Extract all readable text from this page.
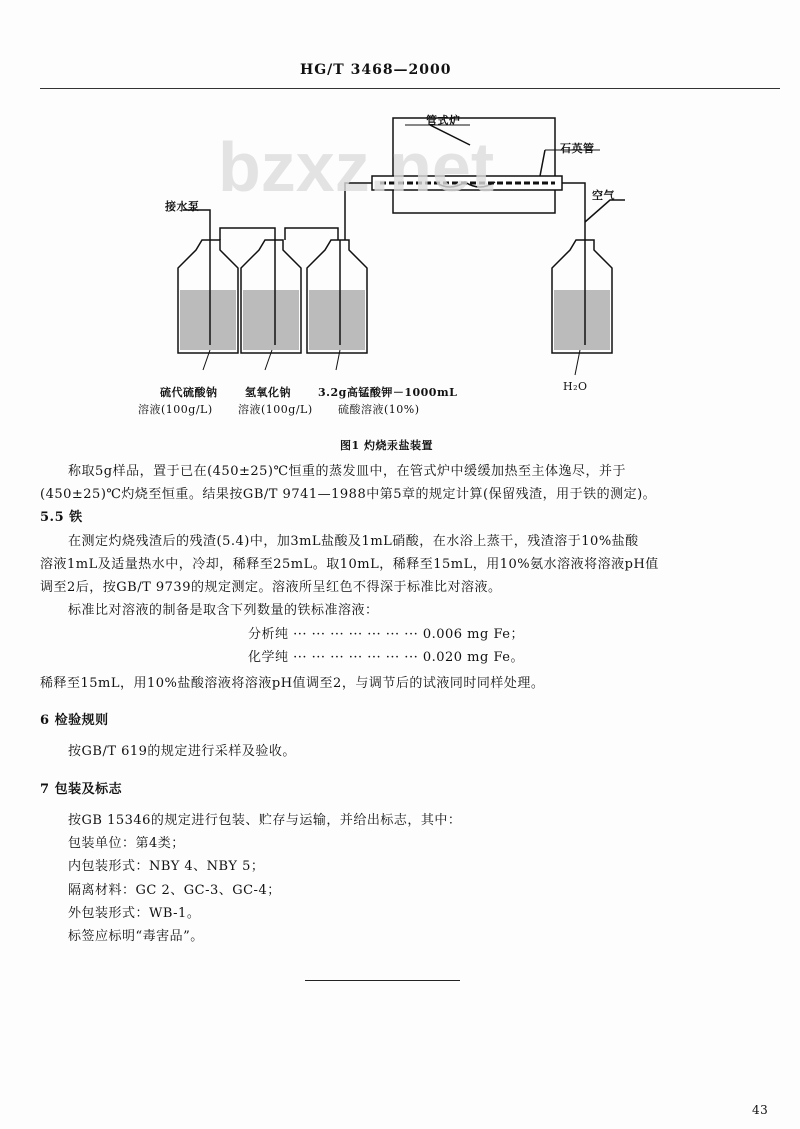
HG/T 3468—2000
bzxz.net
管式炉
石英管
空气
接水泵
H₂O
硫代硫酸钠
溶液(100g/L)
氢氧化钠
溶液(100g/L)
3.2g高锰酸钾－1000mL
硫酸溶液(10%)
图1 灼烧汞盐装置
称取5g样品，置于已在(450±25)℃恒重的蒸发皿中，在管式炉中缓缓加热至主体逸尽，并于
(450±25)℃灼烧至恒重。结果按GB/T 9741—1988中第5章的规定计算(保留残渣，用于铁的测定)。
5.5 铁
在测定灼烧残渣后的残渣(5.4)中，加3mL盐酸及1mL硝酸，在水浴上蒸干，残渣溶于10%盐酸
溶液1mL及适量热水中，冷却，稀释至25mL。取10mL，稀释至15mL，用10%氨水溶液将溶液pH值
调至2后，按GB/T 9739的规定测定。溶液所呈红色不得深于标准比对溶液。
标准比对溶液的制备是取含下列数量的铁标准溶液：
分析纯 ··· ··· ··· ··· ··· ··· ··· 0.006 mg Fe；
化学纯 ··· ··· ··· ··· ··· ··· ··· 0.020 mg Fe。
稀释至15mL，用10%盐酸溶液将溶液pH值调至2，与调节后的试液同时同样处理。
6 检验规则
按GB/T 619的规定进行采样及验收。
7 包装及标志
按GB 15346的规定进行包装、贮存与运输，并给出标志，其中：
包装单位：第4类；
内包装形式：NBY 4、NBY 5；
隔离材料：GC 2、GC-3、GC-4；
外包装形式：WB-1。
标签应标明“毒害品”。
43
